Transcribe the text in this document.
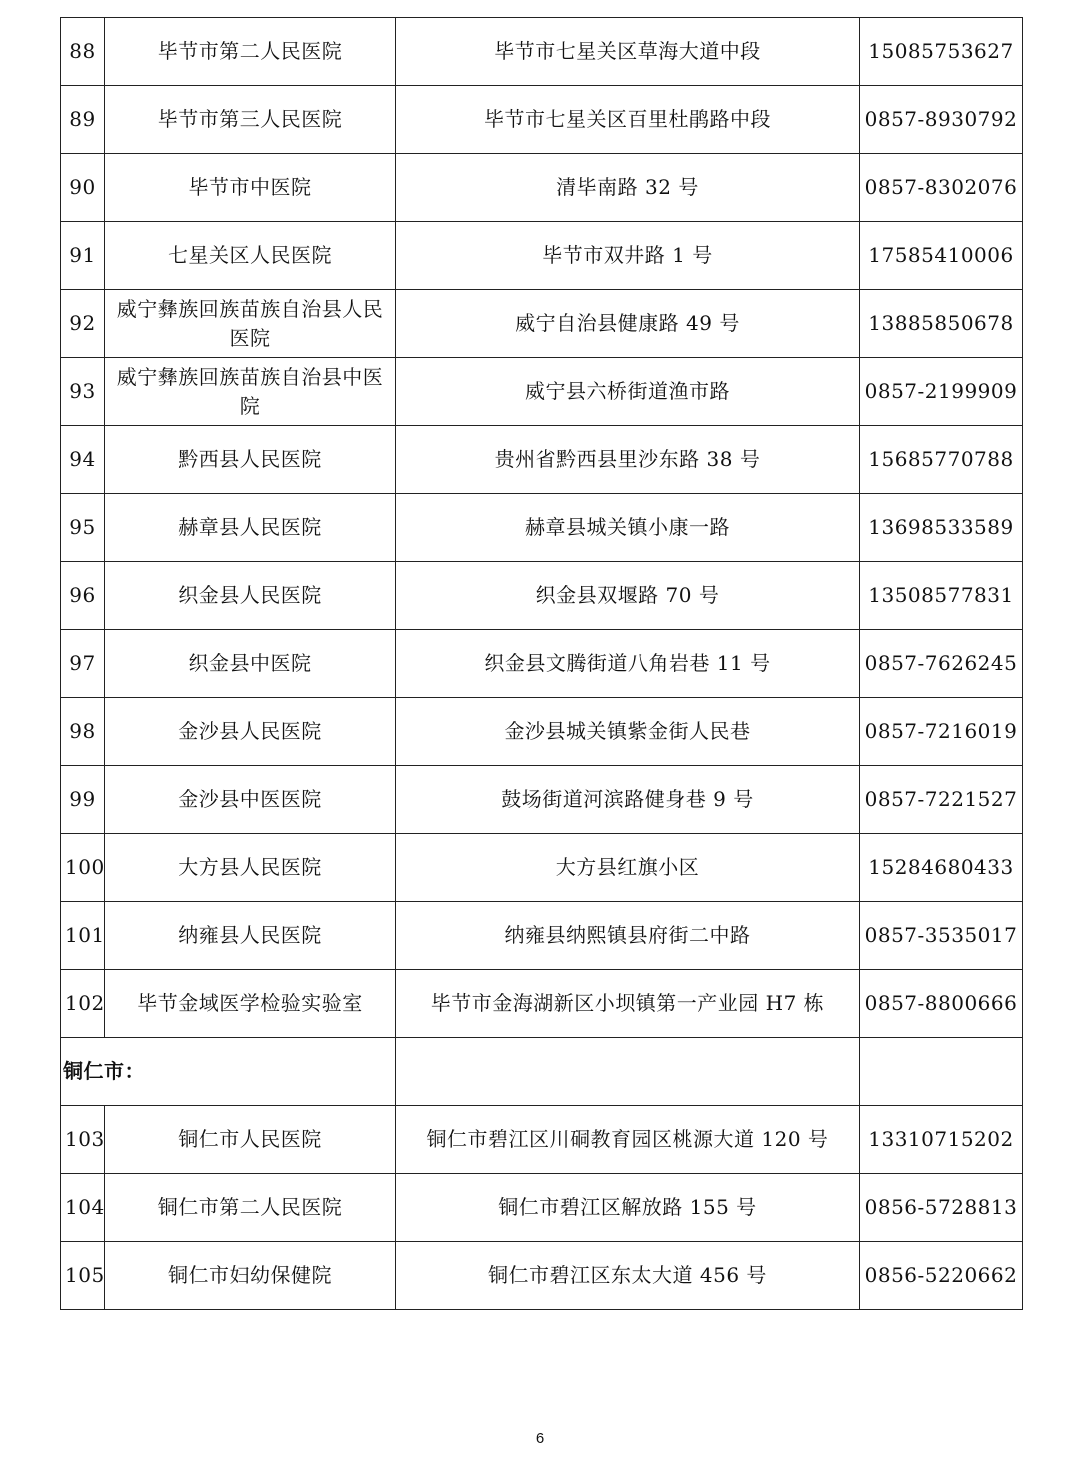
88	毕节市第二人民医院	毕节市七星关区草海大道中段	15085753627
89	毕节市第三人民医院	毕节市七星关区百里杜鹃路中段	0857-8930792
90	毕节市中医院	清毕南路 32 号	0857-8302076
91	七星关区人民医院	毕节市双井路 1 号	17585410006
92	威宁彝族回族苗族自治县人民医院	威宁自治县健康路 49 号	13885850678
93	威宁彝族回族苗族自治县中医院	威宁县六桥街道渔市路	0857-2199909
94	黔西县人民医院	贵州省黔西县里沙东路 38 号	15685770788
95	赫章县人民医院	赫章县城关镇小康一路	13698533589
96	织金县人民医院	织金县双堰路 70 号	13508577831
97	织金县中医院	织金县文腾街道八角岩巷 11 号	0857-7626245
98	金沙县人民医院	金沙县城关镇紫金街人民巷	0857-7216019
99	金沙县中医医院	鼓场街道河滨路健身巷 9 号	0857-7221527
100	大方县人民医院	大方县红旗小区	15284680433
101	纳雍县人民医院	纳雍县纳熙镇县府街二中路	0857-3535017
102	毕节金域医学检验实验室	毕节市金海湖新区小坝镇第一产业园 H7 栋	0857-8800666
铜仁市：			
103	铜仁市人民医院	铜仁市碧江区川硐教育园区桃源大道 120 号	13310715202
104	铜仁市第二人民医院	铜仁市碧江区解放路 155 号	0856-5728813
105	铜仁市妇幼保健院	铜仁市碧江区东太大道 456 号	0856-5220662
6
